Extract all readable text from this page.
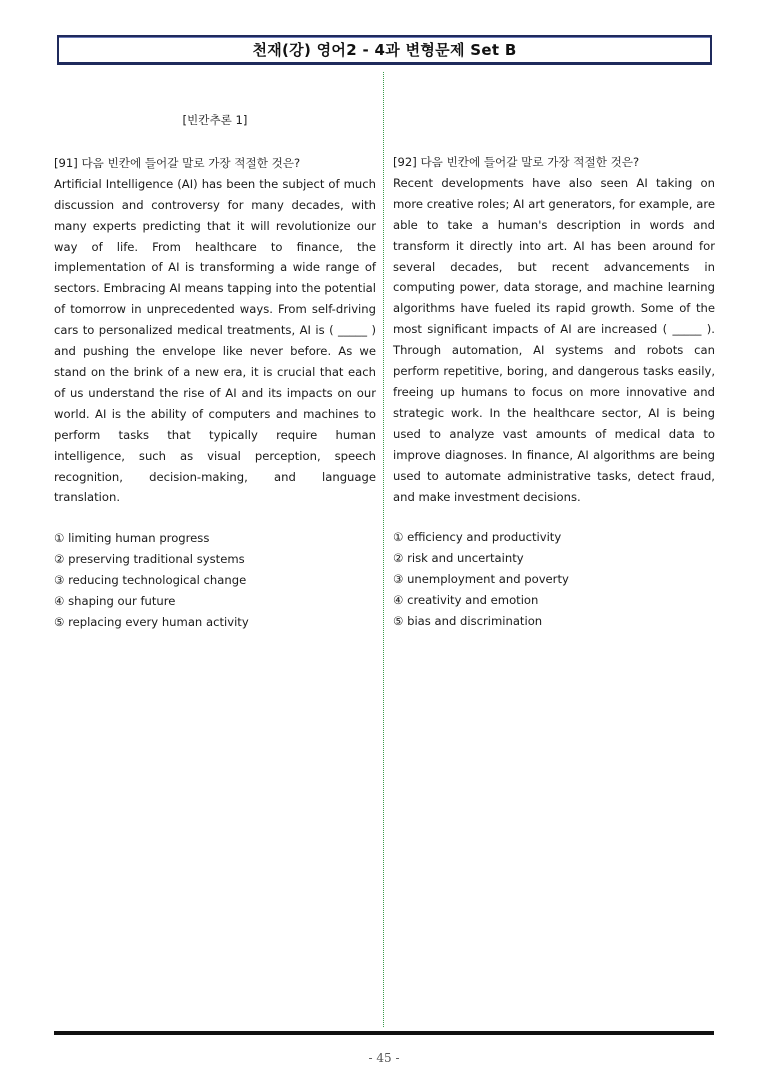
천재(강) 영어2 - 4과 변형문제 Set B
[빈칸추론 1]

[91] 다음 빈칸에 들어갈 말로 가장 적절한 것은?

Artificial Intelligence (AI) has been the subject of much discussion and controversy for many decades, with many experts predicting that it will revolutionize our way of life. From healthcare to finance, the implementation of AI is transforming a wide range of sectors. Embracing AI means tapping into the potential of tomorrow in unprecedented ways. From self-driving cars to personalized medical treatments, AI is ( _____ ) and pushing the envelope like never before. As we stand on the brink of a new era, it is crucial that each of us understand the rise of AI and its impacts on our world. AI is the ability of computers and machines to perform tasks that typically require human intelligence, such as visual perception, speech recognition, decision-making, and language translation.

① limiting human progress
② preserving traditional systems
③ reducing technological change
④ shaping our future
⑤ replacing every human activity

[92] 다음 빈칸에 들어갈 말로 가장 적절한 것은?

Recent developments have also seen AI taking on more creative roles; AI art generators, for example, are able to take a human's description in words and transform it directly into art. AI has been around for several decades, but recent advancements in computing power, data storage, and machine learning algorithms have fueled its rapid growth. Some of the most significant impacts of AI are increased ( _____ ). Through automation, AI systems and robots can perform repetitive, boring, and dangerous tasks easily, freeing up humans to focus on more innovative and strategic work. In the healthcare sector, AI is being used to analyze vast amounts of medical data to improve diagnoses. In finance, AI algorithms are being used to automate administrative tasks, detect fraud, and make investment decisions.

① efficiency and productivity
② risk and uncertainty
③ unemployment and poverty
④ creativity and emotion
⑤ bias and discrimination
- 45 -
